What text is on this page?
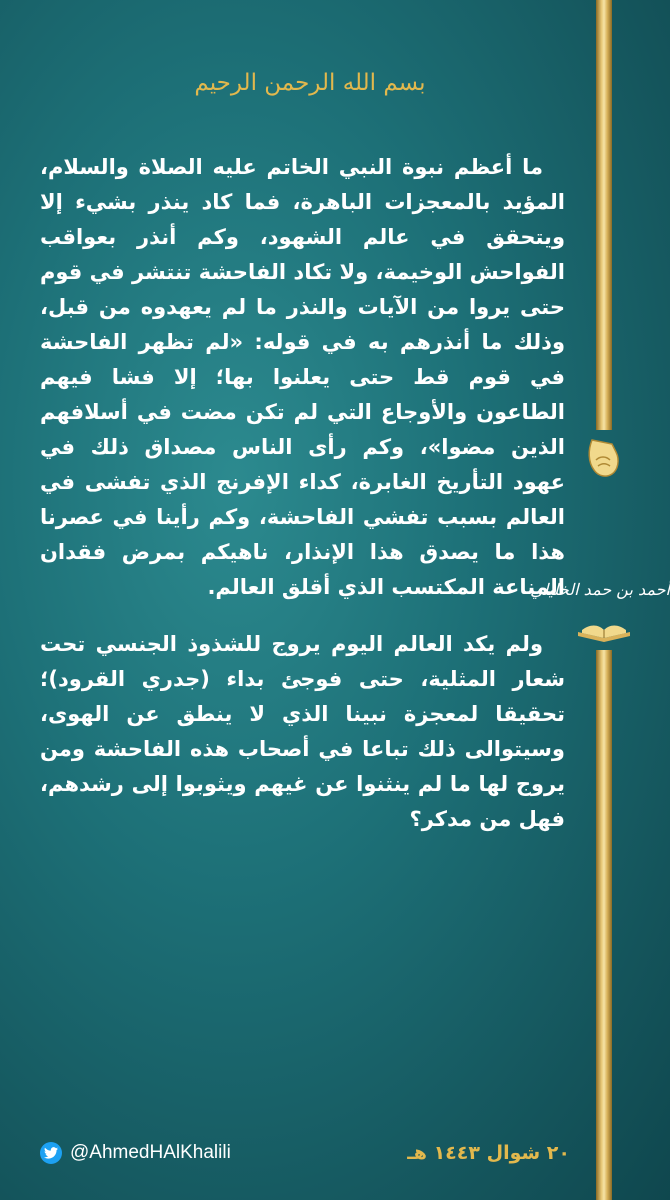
أحمد بن حمد الخليلي
بسم الله الرحمن الرحيم

ما أعظم نبوة النبي الخاتم عليه الصلاة والسلام، المؤيد بالمعجزات الباهرة، فما كاد ينذر بشيء إلا ويتحقق في عالم الشهود، وكم أنذر بعواقب الفواحش الوخيمة، ولا تكاد الفاحشة تنتشر في قوم حتى يروا من الآيات والنذر ما لم يعهدوه من قبل، وذلك ما أنذرهم به في قوله: «لم تظهر الفاحشة في قوم قط حتى يعلنوا بها؛ إلا فشا فيهم الطاعون والأوجاع التي لم تكن مضت في أسلافهم الذين مضوا»، وكم رأى الناس مصداق ذلك في عهود التأريخ الغابرة، كداء الإفرنج الذي تفشى في العالم بسبب تفشي الفاحشة، وكم رأينا في عصرنا هذا ما يصدق هذا الإنذار، ناهيكم بمرض فقدان المناعة المكتسب الذي أقلق العالم.

ولم يكد العالم اليوم يروج للشذوذ الجنسي تحت شعار المثلية، حتى فوجئ بداء (جدري القرود)؛ تحقيقا لمعجزة نبينا الذي لا ينطق عن الهوى، وسيتوالى ذلك تباعا في أصحاب هذه الفاحشة ومن يروج لها ما لم ينثنوا عن غيهم ويثوبوا إلى رشدهم، فهل من مدكر؟

@AhmedHAlKhalili	٢٠ شوال ١٤٤٣ هـ
